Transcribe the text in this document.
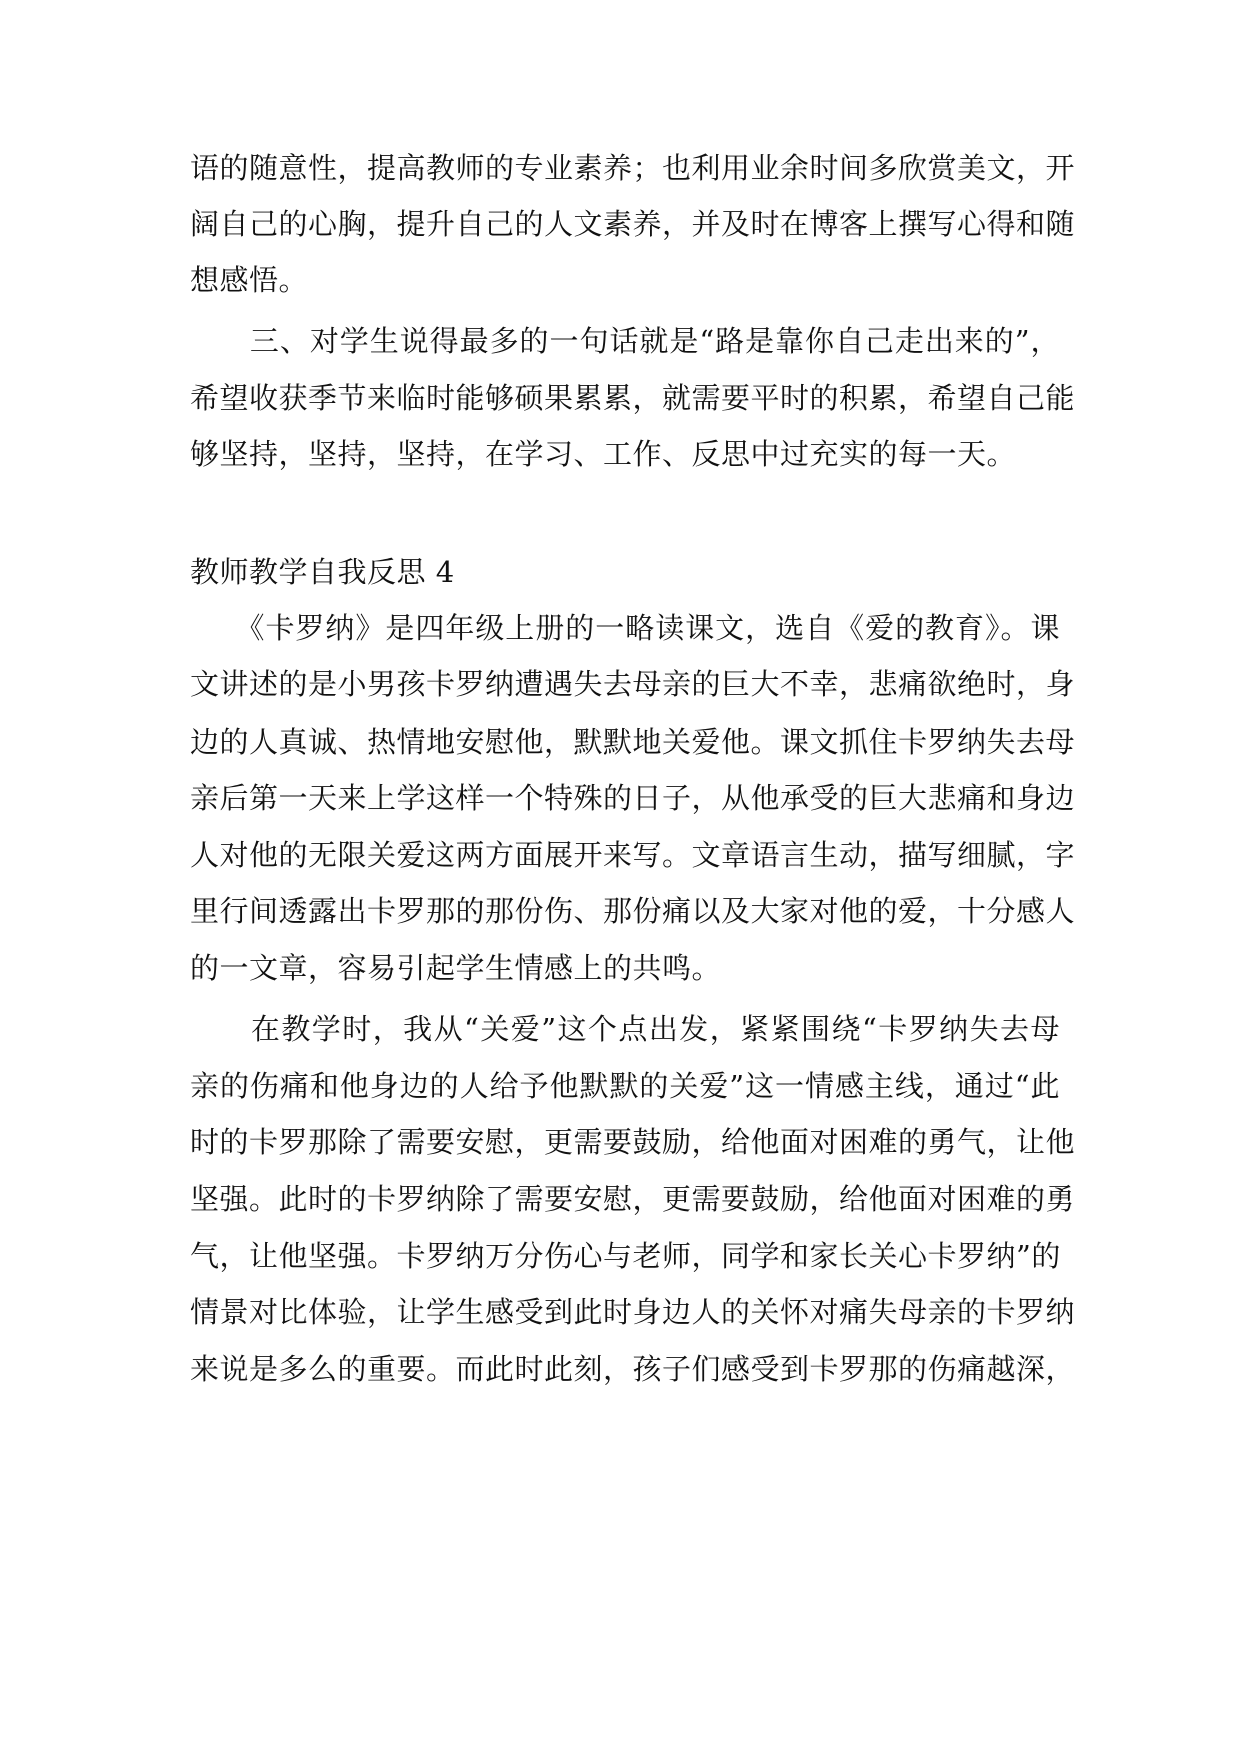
语的随意性，提高教师的专业素养；也利用业余时间多欣赏美文，开
阔自己的心胸，提升自己的人文素养，并及时在博客上撰写心得和随
想感悟。
　　三、对学生说得最多的一句话就是“路是靠你自己走出来的”，
希望收获季节来临时能够硕果累累，就需要平时的积累，希望自己能
够坚持，坚持，坚持，在学习、工作、反思中过充实的每一天。
教师教学自我反思 4
　　《卡罗纳》是四年级上册的一略读课文，选自《爱的教育》。课
文讲述的是小男孩卡罗纳遭遇失去母亲的巨大不幸，悲痛欲绝时，身
边的人真诚、热情地安慰他，默默地关爱他。课文抓住卡罗纳失去母
亲后第一天来上学这样一个特殊的日子，从他承受的巨大悲痛和身边
人对他的无限关爱这两方面展开来写。文章语言生动，描写细腻，字
里行间透露出卡罗那的那份伤、那份痛以及大家对他的爱，十分感人
的一文章，容易引起学生情感上的共鸣。
　　在教学时，我从“关爱”这个点出发，紧紧围绕“卡罗纳失去母
亲的伤痛和他身边的人给予他默默的关爱”这一情感主线，通过“此
时的卡罗那除了需要安慰，更需要鼓励，给他面对困难的勇气，让他
坚强。此时的卡罗纳除了需要安慰，更需要鼓励，给他面对困难的勇
气，让他坚强。卡罗纳万分伤心与老师，同学和家长关心卡罗纳”的
情景对比体验，让学生感受到此时身边人的关怀对痛失母亲的卡罗纳
来说是多么的重要。而此时此刻，孩子们感受到卡罗那的伤痛越深，
